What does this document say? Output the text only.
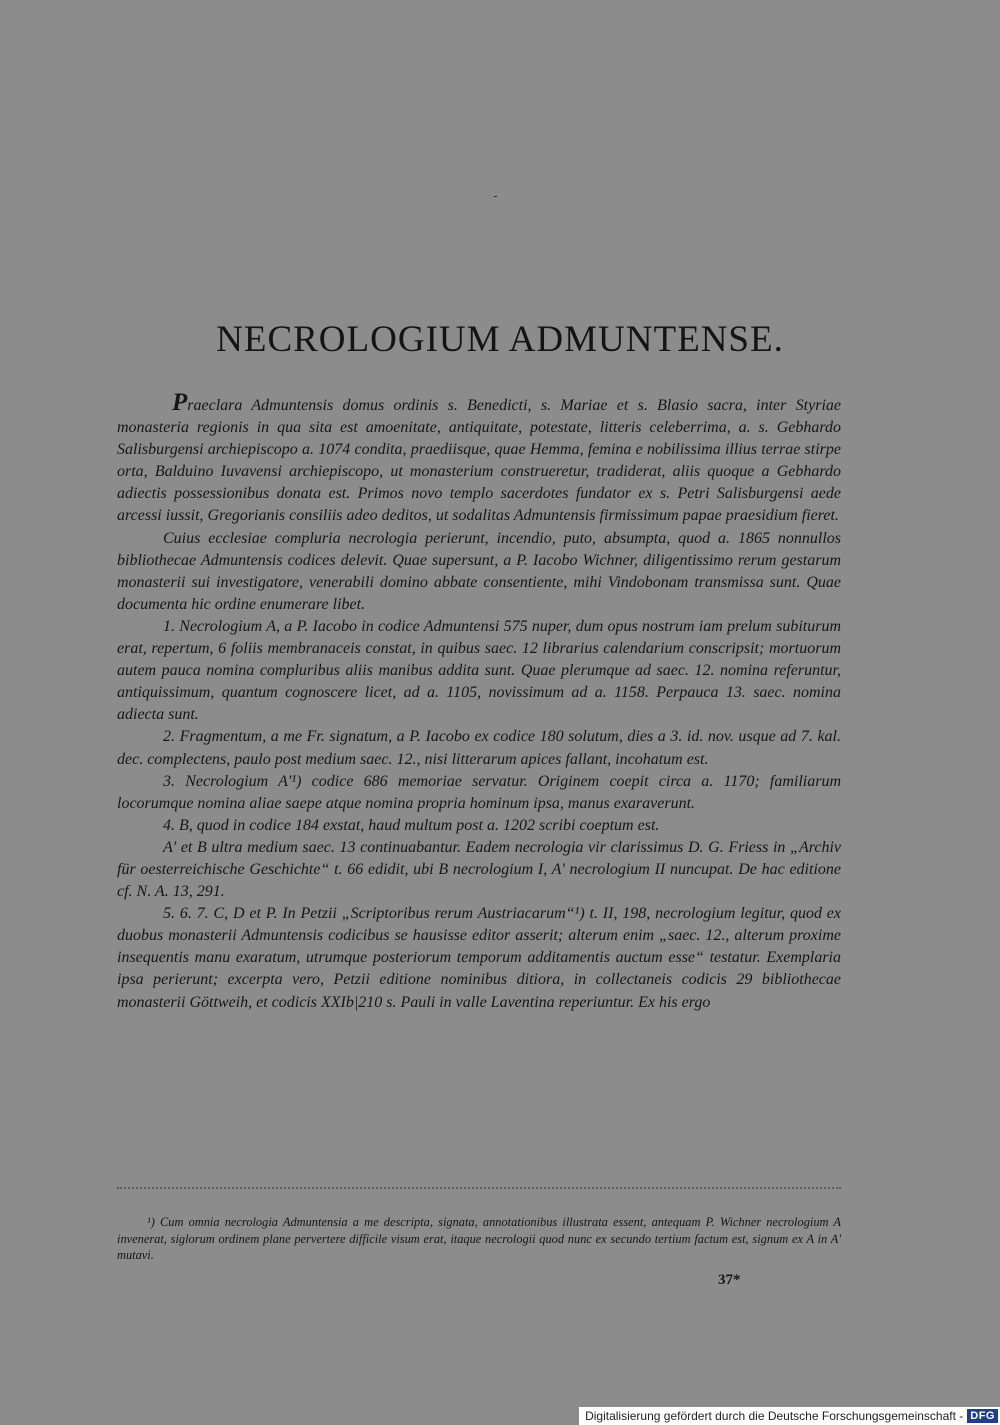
NECROLOGIUM ADMUNTENSE.

Praeclara Admuntensis domus ordinis s. Benedicti, s. Mariae et s. Blasio sacra, inter Styriae monasteria regionis in qua sita est amoenitate, antiquitate, potestate, litteris celeberrima, a. s. Gebhardo Salisburgensi archiepiscopo a. 1074 condita, praediisque, quae Hemma, femina e nobilissima illius terrae stirpe orta, Balduino Iuvavensi archiepiscopo, ut monasterium construeretur, tradiderat, aliis quoque a Gebhardo adiectis possessionibus donata est. Primos novo templo sacerdotes fundator ex s. Petri Salisburgensi aede arcessi iussit, Gregorianis consiliis adeo deditos, ut sodalitas Admuntensis firmissimum papae praesidium fieret.

Cuius ecclesiae compluria necrologia perierunt, incendio, puto, absumpta, quod a. 1865 nonnullos bibliothecae Admuntensis codices delevit. Quae supersunt, a P. Iacobo Wichner, diligentissimo rerum gestarum monasterii sui investigatore, venerabili domino abbate consentiente, mihi Vindobonam transmissa sunt. Quae documenta hic ordine enumerare libet.

1. Necrologium A, a P. Iacobo in codice Admuntensi 575 nuper, dum opus nostrum iam prelum subiturum erat, repertum, 6 foliis membranaceis constat, in quibus saec. 12 librarius calendarium conscripsit; mortuorum autem pauca nomina compluribus aliis manibus addita sunt. Quae plerumque ad saec. 12. nomina referuntur, antiquissimum, quantum cognoscere licet, ad a. 1105, novissimum ad a. 1158. Perpauca 13. saec. nomina adiecta sunt.

2. Fragmentum, a me Fr. signatum, a P. Iacobo ex codice 180 solutum, dies a 3. id. nov. usque ad 7. kal. dec. complectens, paulo post medium saec. 12., nisi litterarum apices fallant, incohatum est.

3. Necrologium A'¹) codice 686 memoriae servatur. Originem coepit circa a. 1170; familiarum locorumque nomina aliae saepe atque nomina propria hominum ipsa, manus exaraverunt.

4. B, quod in codice 184 exstat, haud multum post a. 1202 scribi coeptum est.

A' et B ultra medium saec. 13 continuabantur. Eadem necrologia vir clarissimus D. G. Friess in „Archiv für oesterreichische Geschichte“ t. 66 edidit, ubi B necrologium I, A' necrologium II nuncupat. De hac editione cf. N. A. 13, 291.

5. 6. 7. C, D et P. In Petzii „Scriptoribus rerum Austriacarum“¹) t. II, 198, necrologium legitur, quod ex duobus monasterii Admuntensis codicibus se hausisse editor asserit; alterum enim „saec. 12., alterum proxime insequentis manu exaratum, utrumque posteriorum temporum additamentis auctum esse“ testatur. Exemplaria ipsa perierunt; excerpta vero, Petzii editione nominibus ditiora, in collectaneis codicis 29 bibliothecae monasterii Göttweih, et codicis XXIb|210 s. Pauli in valle Laventina reperiuntur. Ex his ergo

¹) Cum omnia necrologia Admuntensia a me descripta, signata, annotationibus illustrata essent, antequam P. Wichner necrologium A invenerat, siglorum ordinem plane pervertere difficile visum erat, itaque necrologii quod nunc ex secundo tertium factum est, signum ex A in A' mutavi.

37*
Digitalisierung gefördert durch die Deutsche Forschungsgemeinschaft - DFG
